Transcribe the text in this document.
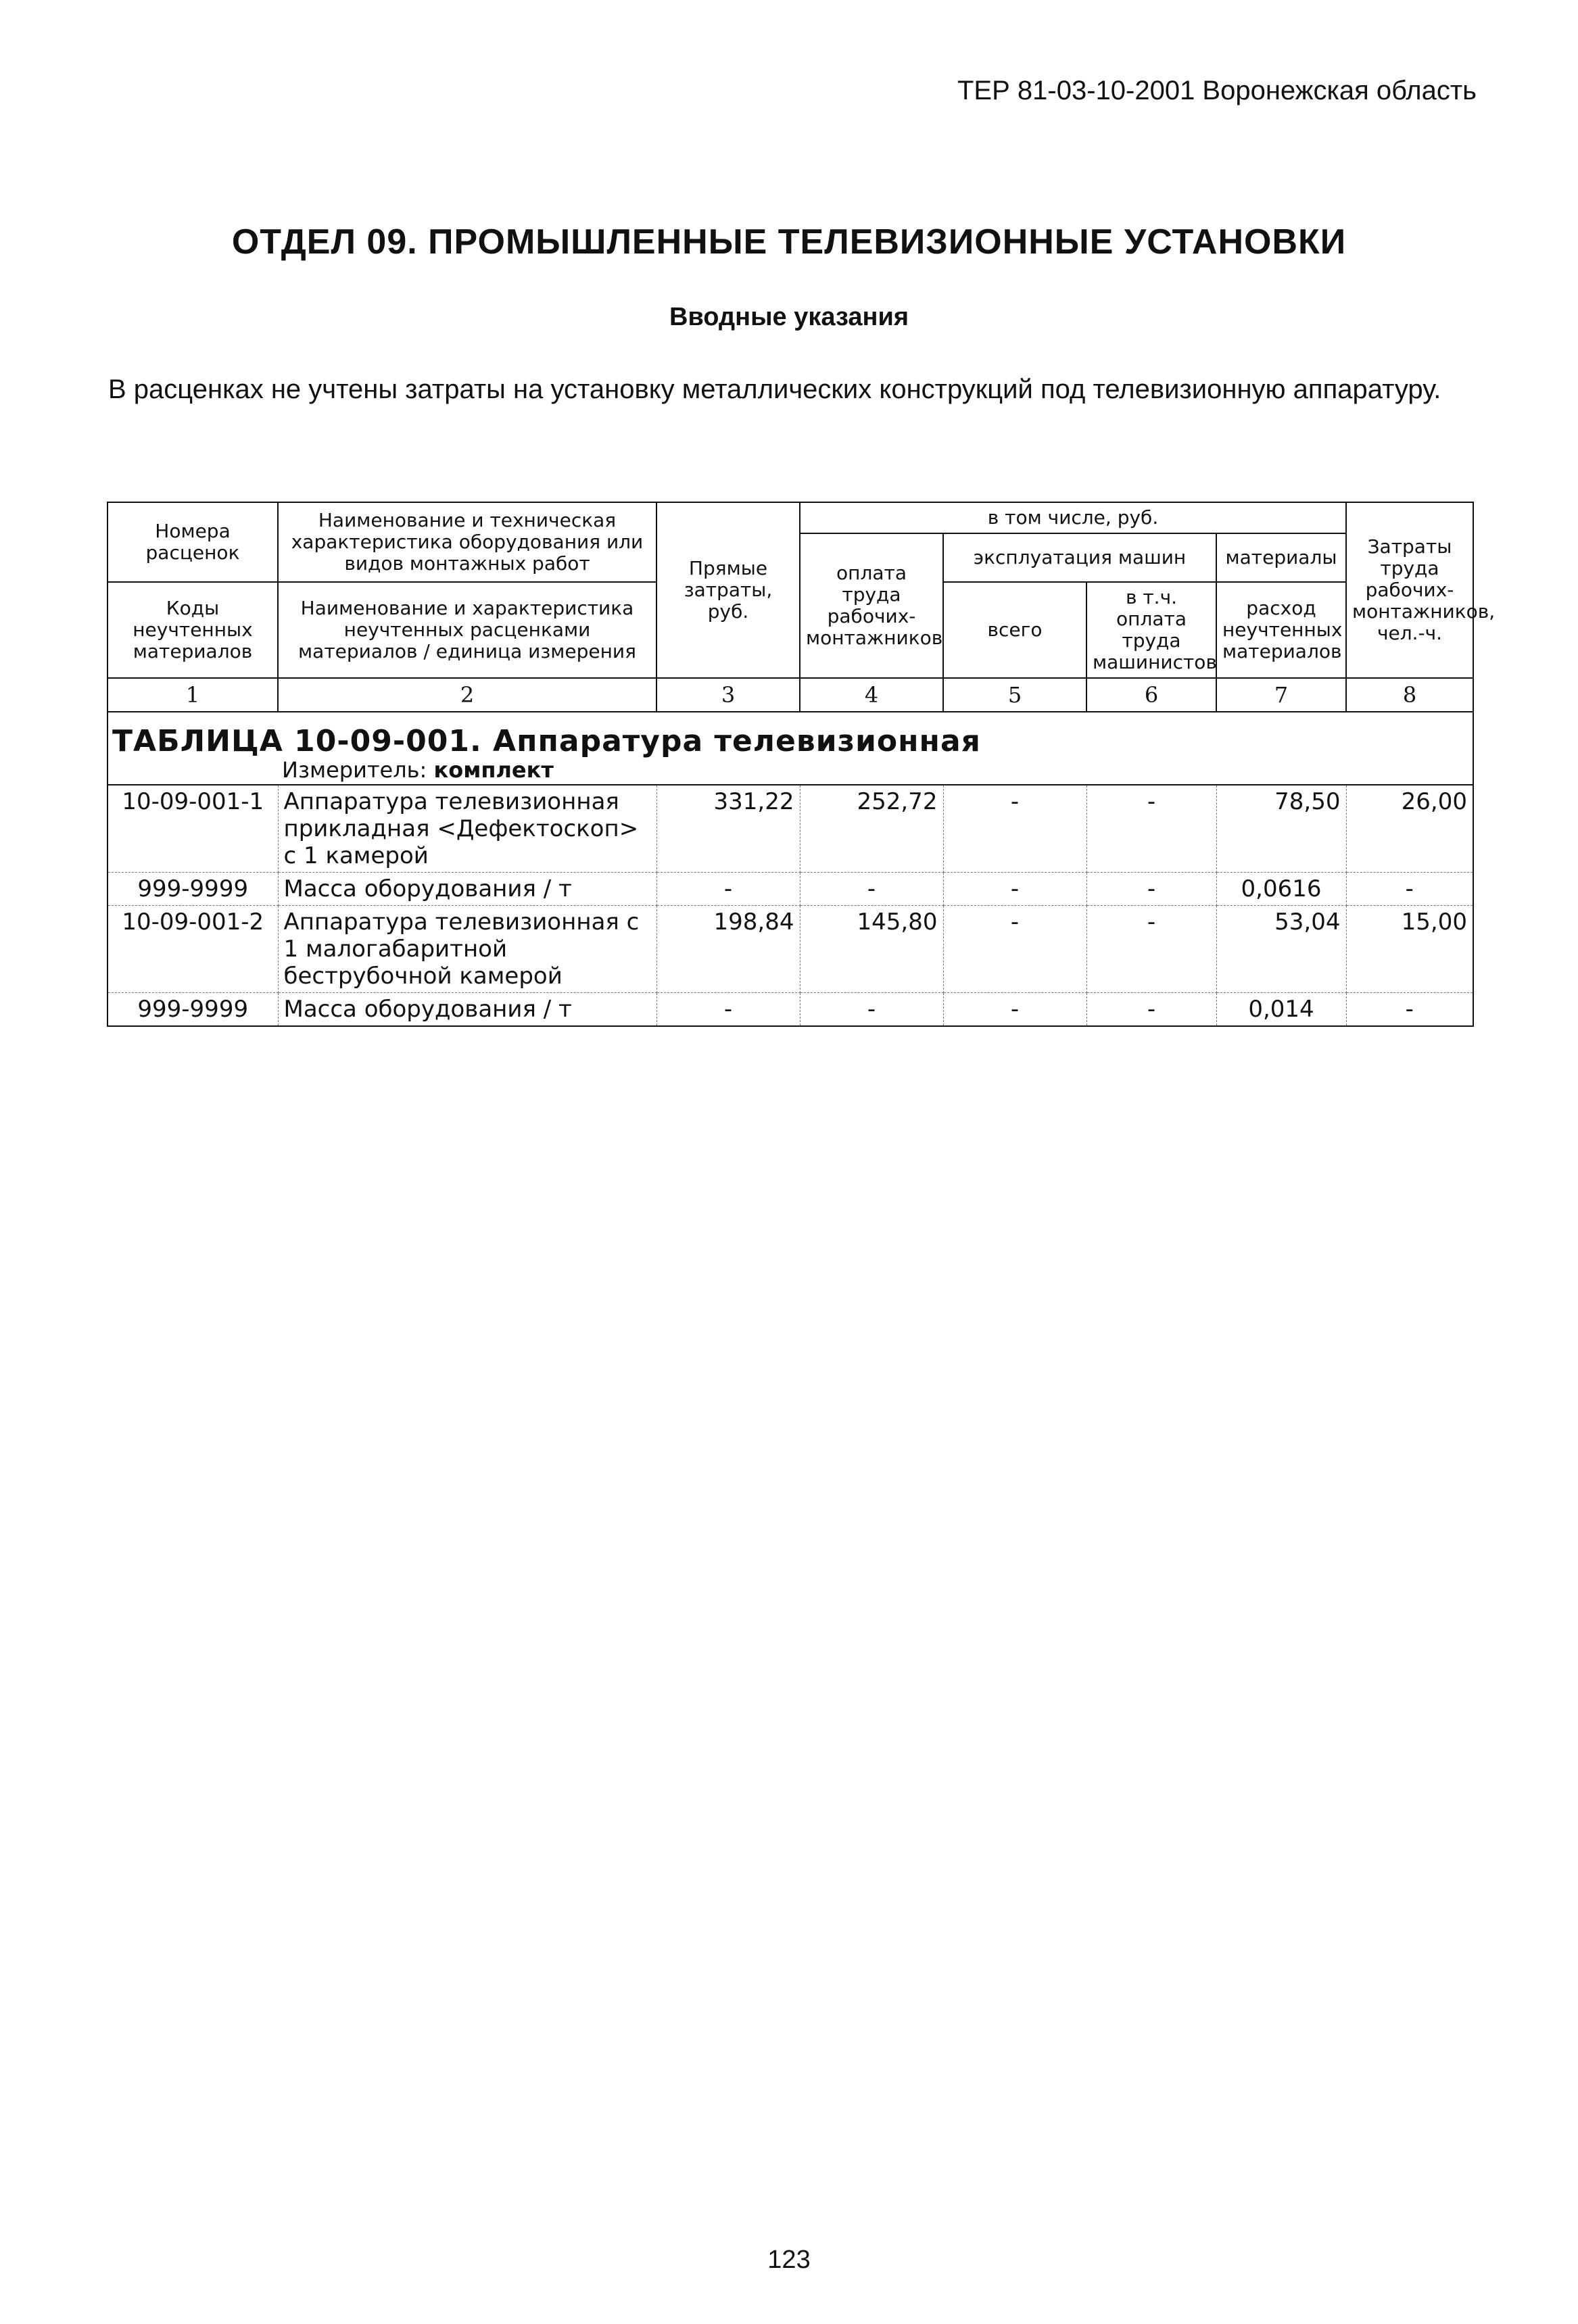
ТЕР 81-03-10-2001 Воронежская область
ОТДЕЛ 09. ПРОМЫШЛЕННЫЕ ТЕЛЕВИЗИОННЫЕ УСТАНОВКИ
Вводные указания
В расценках не учтены затраты на установку металлических конструкций под телевизионную аппаратуру.
Номера расценок	Наименование и техническая характеристика оборудования или видов монтажных работ	Прямые затраты, руб.	в том числе, руб.				Затраты труда рабочих-монтажников, чел.-ч.
			оплата труда рабочих-монтажников	эксплуатация машин		материалы	
Коды неучтенных материалов	Наименование и характеристика неучтенных расценками материалов / единица измерения			всего	в т.ч. оплата труда машинистов	расход неучтенных материалов	

1	2	3	4	5	6	7	8
ТАБЛИЦА 10-09-001. Аппаратура телевизионная							
	Измеритель: комплект						
10-09-001-1	Аппаратура телевизионная прикладная <Дефектоскоп> с 1 камерой	331,22	252,72	-	-	78,50	26,00
999-9999	Масса оборудования / т	-	-	-	-	0,0616	-
10-09-001-2	Аппаратура телевизионная с 1 малогабаритной беструбочной камерой	198,84	145,80	-	-	53,04	15,00
999-9999	Масса оборудования / т	-	-	-	-	0,014	-
123
